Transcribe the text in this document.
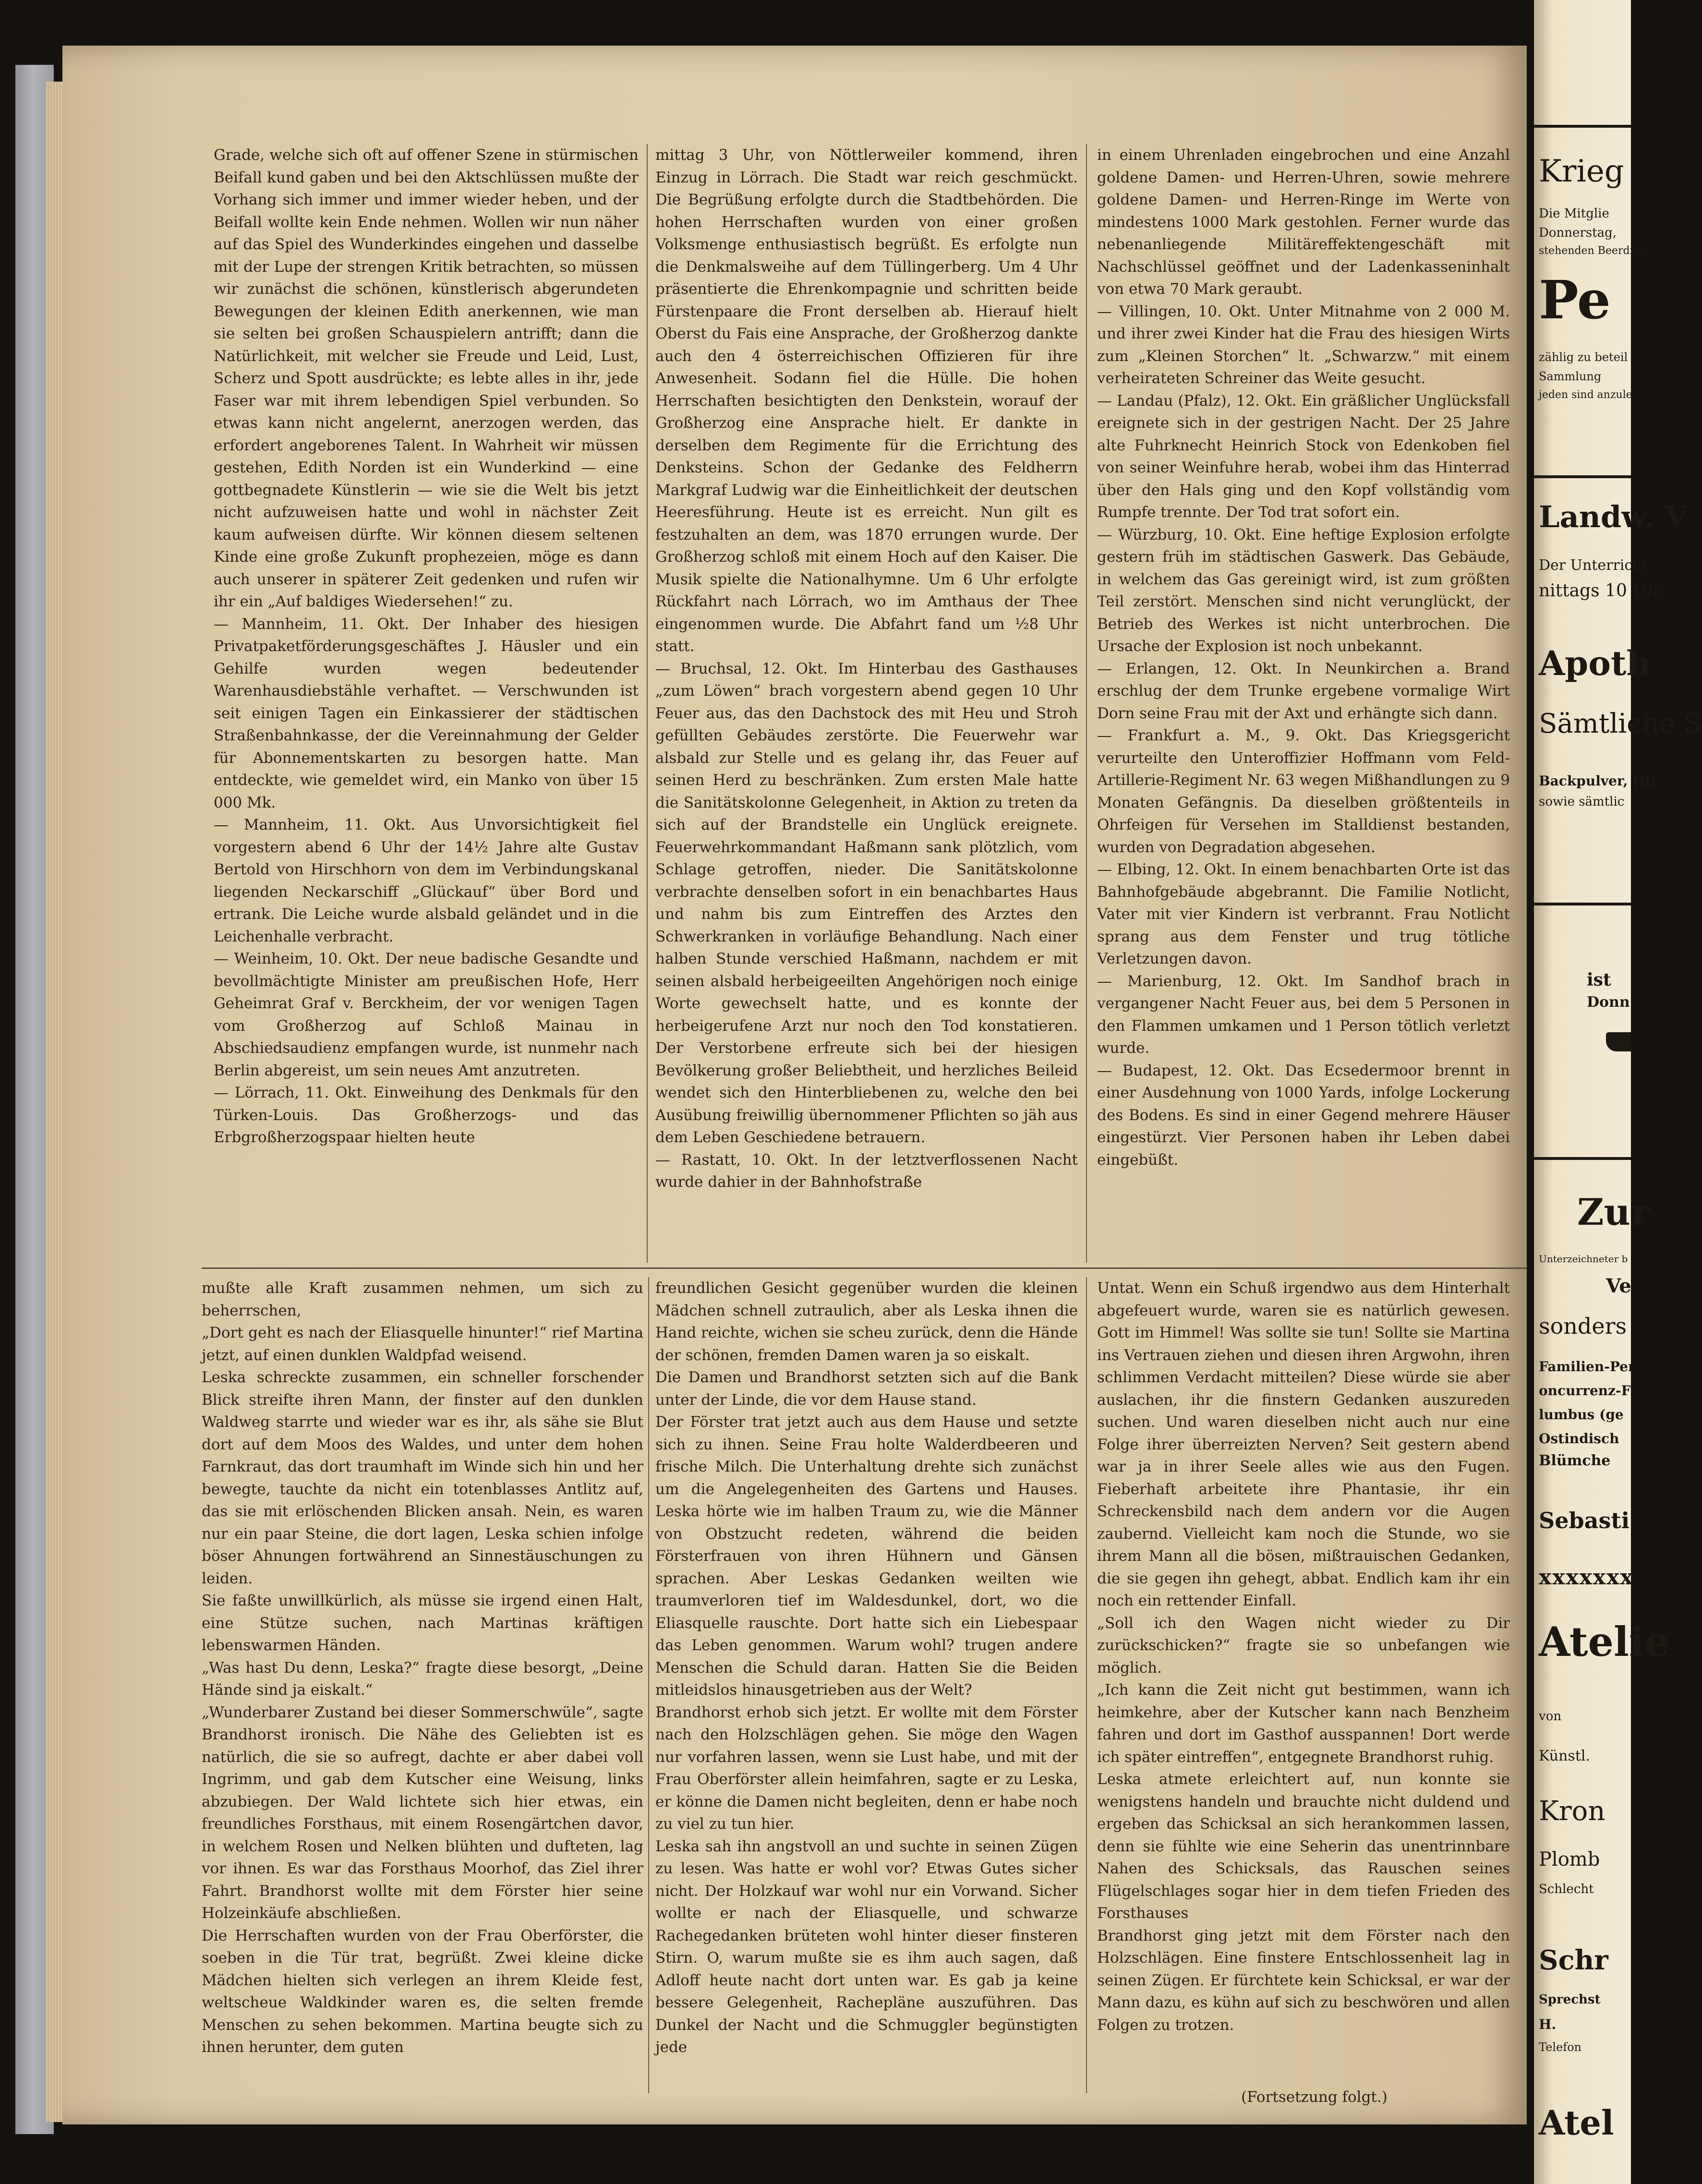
Grade, welche sich oft auf offener Szene in stürmischen Beifall kund gaben und bei den Aktschlüssen mußte der Vorhang sich immer und immer wieder heben, und der Beifall wollte kein Ende nehmen. Wollen wir nun näher auf das Spiel des Wunderkindes eingehen und dasselbe mit der Lupe der strengen Kritik betrachten, so müssen wir zunächst die schönen, künstlerisch abgerundeten Bewegungen der kleinen Edith anerkennen, wie man sie selten bei großen Schauspielern antrifft; dann die Natürlichkeit, mit welcher sie Freude und Leid, Lust, Scherz und Spott ausdrückte; es lebte alles in ihr, jede Faser war mit ihrem lebendigen Spiel verbunden. So etwas kann nicht angelernt, anerzogen werden, das erfordert angeborenes Talent. In Wahrheit wir müssen gestehen, Edith Norden ist ein Wunderkind — eine gottbegnadete Künstlerin — wie sie die Welt bis jetzt nicht aufzuweisen hatte und wohl in nächster Zeit kaum aufweisen dürfte. Wir können diesem seltenen Kinde eine große Zukunft prophezeien, möge es dann auch unserer in späterer Zeit gedenken und rufen wir ihr ein „Auf baldiges Wiedersehen!“ zu.
— Mannheim, 11. Okt. Der Inhaber des hiesigen Privatpaketförderungsgeschäftes J. Häusler und ein Gehilfe wurden wegen bedeutender Warenhausdiebstähle verhaftet. — Verschwunden ist seit einigen Tagen ein Einkassierer der städtischen Straßenbahnkasse, der die Vereinnahmung der Gelder für Abonnementskarten zu besorgen hatte. Man entdeckte, wie gemeldet wird, ein Manko von über 15 000 Mk.
— Mannheim, 11. Okt. Aus Unvorsichtigkeit fiel vorgestern abend 6 Uhr der 14½ Jahre alte Gustav Bertold von Hirschhorn von dem im Verbindungskanal liegenden Neckarschiff „Glückauf“ über Bord und ertrank. Die Leiche wurde alsbald geländet und in die Leichenhalle verbracht.
— Weinheim, 10. Okt. Der neue badische Gesandte und bevollmächtigte Minister am preußischen Hofe, Herr Geheimrat Graf v. Berckheim, der vor wenigen Tagen vom Großherzog auf Schloß Mainau in Abschiedsaudienz empfangen wurde, ist nunmehr nach Berlin abgereist, um sein neues Amt anzutreten.
— Lörrach, 11. Okt. Einweihung des Denkmals für den Türken-Louis. Das Großherzogs- und das Erbgroßherzogspaar hielten heute

mittag 3 Uhr, von Nöttlerweiler kommend, ihren Einzug in Lörrach. Die Stadt war reich geschmückt. Die Begrüßung erfolgte durch die Stadtbehörden. Die hohen Herrschaften wurden von einer großen Volksmenge enthusiastisch begrüßt. Es erfolgte nun die Denkmalsweihe auf dem Tüllingerberg. Um 4 Uhr präsentierte die Ehrenkompagnie und schritten beide Fürstenpaare die Front derselben ab. Hierauf hielt Oberst du Fais eine Ansprache, der Großherzog dankte auch den 4 österreichischen Offizieren für ihre Anwesenheit. Sodann fiel die Hülle. Die hohen Herrschaften besichtigten den Denkstein, worauf der Großherzog eine Ansprache hielt. Er dankte in derselben dem Regimente für die Errichtung des Denksteins. Schon der Gedanke des Feldherrn Markgraf Ludwig war die Einheitlichkeit der deutschen Heeresführung. Heute ist es erreicht. Nun gilt es festzuhalten an dem, was 1870 errungen wurde. Der Großherzog schloß mit einem Hoch auf den Kaiser. Die Musik spielte die Nationalhymne. Um 6 Uhr erfolgte Rückfahrt nach Lörrach, wo im Amthaus der Thee eingenommen wurde. Die Abfahrt fand um ½8 Uhr statt.
— Bruchsal, 12. Okt. Im Hinterbau des Gasthauses „zum Löwen“ brach vorgestern abend gegen 10 Uhr Feuer aus, das den Dachstock des mit Heu und Stroh gefüllten Gebäudes zerstörte. Die Feuerwehr war alsbald zur Stelle und es gelang ihr, das Feuer auf seinen Herd zu beschränken. Zum ersten Male hatte die Sanitätskolonne Gelegenheit, in Aktion zu treten da sich auf der Brandstelle ein Unglück ereignete. Feuerwehrkommandant Haßmann sank plötzlich, vom Schlage getroffen, nieder. Die Sanitätskolonne verbrachte denselben sofort in ein benachbartes Haus und nahm bis zum Eintreffen des Arztes den Schwerkranken in vorläufige Behandlung. Nach einer halben Stunde verschied Haßmann, nachdem er mit seinen alsbald herbeigeeilten Angehörigen noch einige Worte gewechselt hatte, und es konnte der herbeigerufene Arzt nur noch den Tod konstatieren. Der Verstorbene erfreute sich bei der hiesigen Bevölkerung großer Beliebtheit, und herzliches Beileid wendet sich den Hinterbliebenen zu, welche den bei Ausübung freiwillig übernommener Pflichten so jäh aus dem Leben Geschiedene betrauern.
— Rastatt, 10. Okt. In der letztverflossenen Nacht wurde dahier in der Bahnhofstraße

in einem Uhrenladen eingebrochen und eine Anzahl goldene Damen- und Herren-Uhren, sowie mehrere goldene Damen- und Herren-Ringe im Werte von mindestens 1000 Mark gestohlen. Ferner wurde das nebenanliegende Militäreffektengeschäft mit Nachschlüssel geöffnet und der Ladenkasseninhalt von etwa 70 Mark geraubt.
— Villingen, 10. Okt. Unter Mitnahme von 2 000 M. und ihrer zwei Kinder hat die Frau des hiesigen Wirts zum „Kleinen Storchen“ lt. „Schwarzw.“ mit einem verheirateten Schreiner das Weite gesucht.
— Landau (Pfalz), 12. Okt. Ein gräßlicher Unglücksfall ereignete sich in der gestrigen Nacht. Der 25 Jahre alte Fuhrknecht Heinrich Stock von Edenkoben fiel von seiner Weinfuhre herab, wobei ihm das Hinterrad über den Hals ging und den Kopf vollständig vom Rumpfe trennte. Der Tod trat sofort ein.
— Würzburg, 10. Okt. Eine heftige Explosion erfolgte gestern früh im städtischen Gaswerk. Das Gebäude, in welchem das Gas gereinigt wird, ist zum größten Teil zerstört. Menschen sind nicht verunglückt, der Betrieb des Werkes ist nicht unterbrochen. Die Ursache der Explosion ist noch unbekannt.
— Erlangen, 12. Okt. In Neunkirchen a. Brand erschlug der dem Trunke ergebene vormalige Wirt Dorn seine Frau mit der Axt und erhängte sich dann.
— Frankfurt a. M., 9. Okt. Das Kriegsgericht verurteilte den Unteroffizier Hoffmann vom Feld-Artillerie-Regiment Nr. 63 wegen Mißhandlungen zu 9 Monaten Gefängnis. Da dieselben größtenteils in Ohrfeigen für Versehen im Stalldienst bestanden, wurden von Degradation abgesehen.
— Elbing, 12. Okt. In einem benachbarten Orte ist das Bahnhofgebäude abgebrannt. Die Familie Notlicht, Vater mit vier Kindern ist verbrannt. Frau Notlicht sprang aus dem Fenster und trug tötliche Verletzungen davon.
— Marienburg, 12. Okt. Im Sandhof brach in vergangener Nacht Feuer aus, bei dem 5 Personen in den Flammen umkamen und 1 Person tötlich verletzt wurde.
— Budapest, 12. Okt. Das Ecsedermoor brennt in einer Ausdehnung von 1000 Yards, infolge Lockerung des Bodens. Es sind in einer Gegend mehrere Häuser eingestürzt. Vier Personen haben ihr Leben dabei eingebüßt.

mußte alle Kraft zusammen nehmen, um sich zu beherrschen,
„Dort geht es nach der Eliasquelle hinunter!“ rief Martina jetzt, auf einen dunklen Waldpfad weisend.
Leska schreckte zusammen, ein schneller forschender Blick streifte ihren Mann, der finster auf den dunklen Waldweg starrte und wieder war es ihr, als sähe sie Blut dort auf dem Moos des Waldes, und unter dem hohen Farnkraut, das dort traumhaft im Winde sich hin und her bewegte, tauchte da nicht ein totenblasses Antlitz auf, das sie mit erlöschenden Blicken ansah. Nein, es waren nur ein paar Steine, die dort lagen, Leska schien infolge böser Ahnungen fortwährend an Sinnestäuschungen zu leiden.
Sie faßte unwillkürlich, als müsse sie irgend einen Halt, eine Stütze suchen, nach Martinas kräftigen lebenswarmen Händen.
„Was hast Du denn, Leska?“ fragte diese besorgt, „Deine Hände sind ja eiskalt.“
„Wunderbarer Zustand bei dieser Sommerschwüle“, sagte Brandhorst ironisch. Die Nähe des Geliebten ist es natürlich, die sie so aufregt, dachte er aber dabei voll Ingrimm, und gab dem Kutscher eine Weisung, links abzubiegen. Der Wald lichtete sich hier etwas, ein freundliches Forsthaus, mit einem Rosengärtchen davor, in welchem Rosen und Nelken blühten und dufteten, lag vor ihnen. Es war das Forsthaus Moorhof, das Ziel ihrer Fahrt. Brandhorst wollte mit dem Förster hier seine Holzeinkäufe abschließen.
Die Herrschaften wurden von der Frau Oberförster, die soeben in die Tür trat, begrüßt. Zwei kleine dicke Mädchen hielten sich verlegen an ihrem Kleide fest, weltscheue Waldkinder waren es, die selten fremde Menschen zu sehen bekommen. Martina beugte sich zu ihnen herunter, dem guten

freundlichen Gesicht gegenüber wurden die kleinen Mädchen schnell zutraulich, aber als Leska ihnen die Hand reichte, wichen sie scheu zurück, denn die Hände der schönen, fremden Damen waren ja so eiskalt.
Die Damen und Brandhorst setzten sich auf die Bank unter der Linde, die vor dem Hause stand.
Der Förster trat jetzt auch aus dem Hause und setzte sich zu ihnen. Seine Frau holte Walderdbeeren und frische Milch. Die Unterhaltung drehte sich zunächst um die Angelegenheiten des Gartens und Hauses. Leska hörte wie im halben Traum zu, wie die Männer von Obstzucht redeten, während die beiden Försterfrauen von ihren Hühnern und Gänsen sprachen. Aber Leskas Gedanken weilten wie traumverloren tief im Waldesdunkel, dort, wo die Eliasquelle rauschte. Dort hatte sich ein Liebespaar das Leben genommen. Warum wohl? trugen andere Menschen die Schuld daran. Hatten Sie die Beiden mitleidslos hinausgetrieben aus der Welt?
Brandhorst erhob sich jetzt. Er wollte mit dem Förster nach den Holzschlägen gehen. Sie möge den Wagen nur vorfahren lassen, wenn sie Lust habe, und mit der Frau Oberförster allein heimfahren, sagte er zu Leska, er könne die Damen nicht begleiten, denn er habe noch zu viel zu tun hier.
Leska sah ihn angstvoll an und suchte in seinen Zügen zu lesen. Was hatte er wohl vor? Etwas Gutes sicher nicht. Der Holzkauf war wohl nur ein Vorwand. Sicher wollte er nach der Eliasquelle, und schwarze Rachegedanken brüteten wohl hinter dieser finsteren Stirn. O, warum mußte sie es ihm auch sagen, daß Adloff heute nacht dort unten war. Es gab ja keine bessere Gelegenheit, Rachepläne auszuführen. Das Dunkel der Nacht und die Schmuggler begünstigten jede

Untat. Wenn ein Schuß irgendwo aus dem Hinterhalt abgefeuert wurde, waren sie es natürlich gewesen. Gott im Himmel! Was sollte sie tun! Sollte sie Martina ins Vertrauen ziehen und diesen ihren Argwohn, ihren schlimmen Verdacht mitteilen? Diese würde sie aber auslachen, ihr die finstern Gedanken auszureden suchen. Und waren dieselben nicht auch nur eine Folge ihrer überreizten Nerven? Seit gestern abend war ja in ihrer Seele alles wie aus den Fugen. Fieberhaft arbeitete ihre Phantasie, ihr ein Schreckensbild nach dem andern vor die Augen zaubernd. Vielleicht kam noch die Stunde, wo sie ihrem Mann all die bösen, mißtrauischen Gedanken, die sie gegen ihn gehegt, abbat. Endlich kam ihr ein noch ein rettender Einfall.
„Soll ich den Wagen nicht wieder zu Dir zurückschicken?“ fragte sie so unbefangen wie möglich.
„Ich kann die Zeit nicht gut bestimmen, wann ich heimkehre, aber der Kutscher kann nach Benzheim fahren und dort im Gasthof ausspannen! Dort werde ich später eintreffen“, entgegnete Brandhorst ruhig.
Leska atmete erleichtert auf, nun konnte sie wenigstens handeln und brauchte nicht duldend und ergeben das Schicksal an sich herankommen lassen, denn sie fühlte wie eine Seherin das unentrinnbare Nahen des Schicksals, das Rauschen seines Flügelschlages sogar hier in dem tiefen Frieden des Forsthauses
Brandhorst ging jetzt mit dem Förster nach den Holzschlägen. Eine finstere Entschlossenheit lag in seinen Zügen. Er fürchtete kein Schicksal, er war der Mann dazu, es kühn auf sich zu beschwören und allen Folgen zu trotzen.

(Fortsetzung folgt.)
Krieg
Die Mitglie
Donnerstag,
stehenden Beerdigu
Pe
zählig zu beteil
Sammlung
jeden sind anzule
Landw. V
Der Unterricht
nittags 10 Uhr
Apoth
Sämtliche S
Backpulver, Hir
sowie sämtlic
ist
Donn
Zur
Unterzeichneter b
Ve
sonders
Familien-Per
oncurrenz-F
lumbus (ge
Ostindisch
Blümche
Sebasti
xxxxxxx
Atelie
von
Künstl.
Kron
Plomb
Schlecht
Schr
Sprechst
H.
Telefon
Atel
